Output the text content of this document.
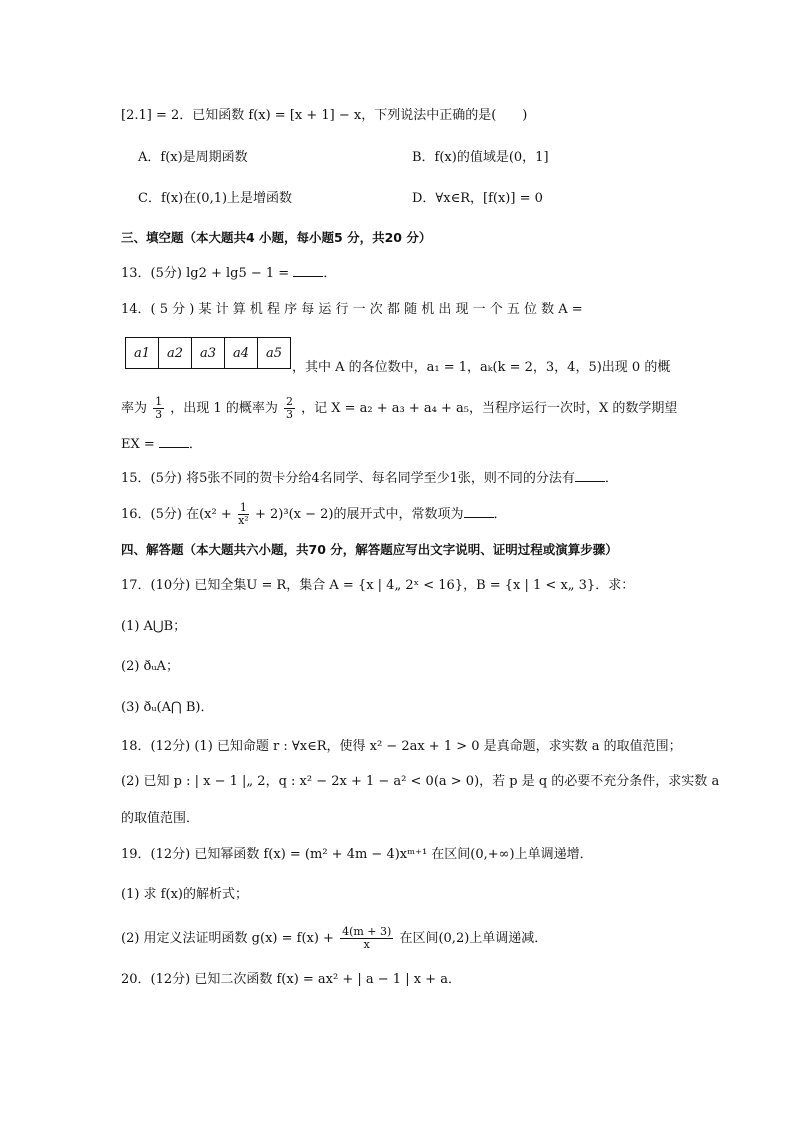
[2.1] = 2．已知函数 f(x) = [x + 1] − x，下列说法中正确的是(　　)
A．f(x)是周期函数	B．f(x)的值域是(0，1]
C．f(x)在(0,1)上是增函数	D．∀x∈R，[f(x)] = 0
三、填空题（本大题共4 小题，每小题5 分，共20 分）
13．(5分) lg2 + lg5 − 1 =	．
14．( 5 分 ) 某 计 算 机 程 序 每 运 行 一 次 都 随 机 出 现 一 个 五 位 数 A =
a1	a2	a3	a4	a5
，其中 A 的各位数中，a₁ = 1，aₖ(k = 2，3，4，5)出现 0 的概
率为 $\frac{1}{3}$ ，出现 1 的概率为 $\frac{2}{3}$ ，记 X = a₂ + a₃ + a₄ + a₅，当程序运行一次时，X 的数学期望
EX =	．
15．(5分) 将5张不同的贺卡分给4名同学、每名同学至少1张，则不同的分法有 ．
16．(5分) 在$(x^2 + \frac{1}{\text{x²}} + 2)^3(x - 2)$的展开式中，常数项为 ．
四、解答题（本大题共六小题，共70 分，解答题应写出文字说明、证明过程或演算步骤）
17．(10分) 已知全集U = R，集合 A = {x | 4„ 2ˣ < 16}，B = {x | 1 < x„ 3}．求：
(1) A⋃B；
(2) ðᵤA；
(3) ðᵤ(A⋂ B)．
18．(12分) (1) 已知命题 r : ∀x∈R，使得 x² − 2ax + 1 > 0 是真命题，求实数 a 的取值范围；
(2) 已知 p : | x − 1 |„ 2，q : x² − 2x + 1 − a² < 0(a > 0)，若 p 是 q 的必要不充分条件，求实数 a
的取值范围．
19．(12分) 已知幂函数 f(x) = (m² + 4m − 4)xᵐ⁺¹ 在区间(0,+∞)上单调递增．
(1) 求 f(x)的解析式；
(2) 用定义法证明函数 $g(x) = f(x) + \frac{4(m + 3)}{x}$ 在区间(0,2)上单调递减．
20．(12分) 已知二次函数 f(x) = ax² + | a − 1 | x + a．
